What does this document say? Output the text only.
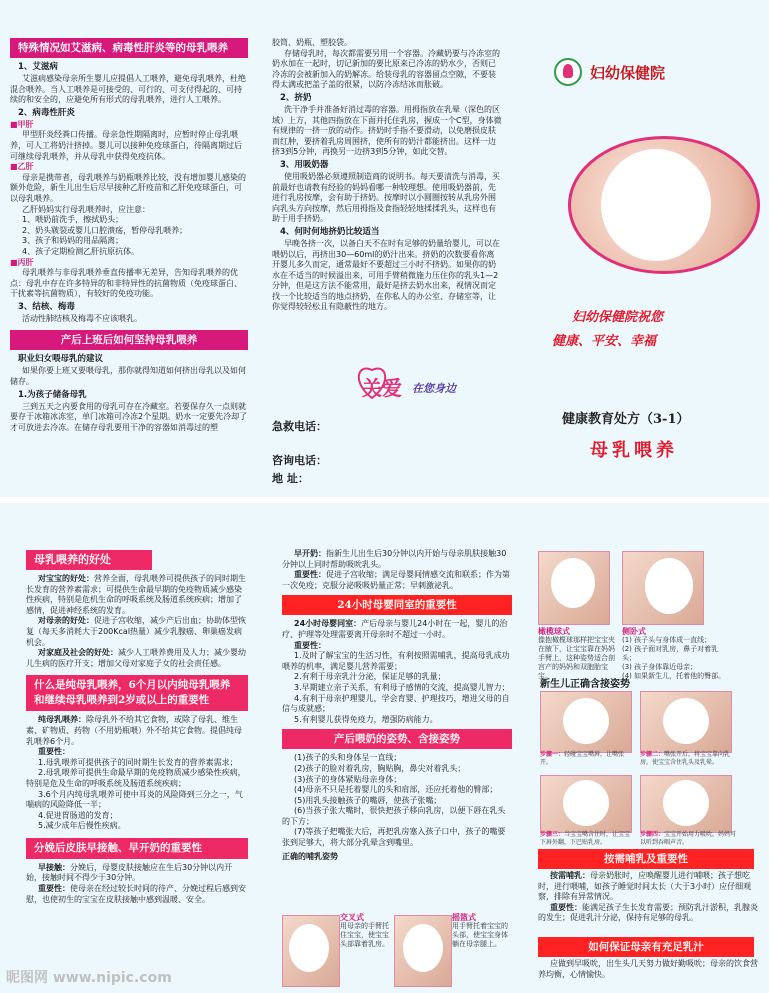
特殊情况如艾滋病、病毒性肝炎等的母乳喂养

1、艾滋病

艾滋病感染母亲所生婴儿应提倡人工喂养，避免母乳喂养，杜绝混合喂养。当人工喂养是可接受的、可行的、可支付得起的、可持续的和安全的，应避免所有形式的母乳喂养，进行人工喂养。

2、病毒性肝炎

■甲肝

甲型肝炎经粪口传播。母亲急性期隔离时，应暂时停止母乳喂养，可人工将奶汁挤掉。婴儿可以接种免疫球蛋白，待隔离期过后可继续母乳喂养，并从母乳中获得免疫抗体。

■乙肝

母亲是携带者，母乳喂养与奶瓶喂养比较，没有增加婴儿感染的额外危险，新生儿出生后尽早接种乙肝疫苗和乙肝免疫球蛋白，可以母乳喂养。

乙肝妈妈实行母乳喂养时，应注意：

1、喂奶前洗手，擦拭奶头；

2、奶头皲裂或婴儿口腔溃疡，暂停母乳喂养；

3、孩子和妈妈的用品隔离；

4、孩子定期检测乙肝抗原抗体。

■丙肝

母乳喂养与非母乳喂养垂直传播率无差异，告知母乳喂养的优点：母乳中存在许多特异的和非特异性的抗菌物质（免疫球蛋白、干扰素等抗菌物质），有较好的免疫功能。

3、结核、梅毒

活动性肺结核及梅毒不应该喂乳。

产后上班后如何坚持母乳喂养

职业妇女喂母乳的建议

如果你要上班又要喂母乳，那你就得知道如何挤出母乳以及如何储存。

1.为孩子储备母乳

三到五天之内要食用的母乳可存在冷藏室。若要保存久一点则就要存于冰箱冰冻室，单门冰箱可冷冻2个星期。奶水一定要先冷却了才可放进去冷冻。在储存母乳要用干净的容器如消毒过的塑

胶筒、奶瓶、塑胶袋。

存储母乳时，每次都需要另用一个容器。冷藏奶要与冷冻室的奶水加在一起时，切记新加的要比原来已冷冻的奶水少，否则已冷冻的会被新加入的奶解冻。给装母乳的容器留点空隙，不要装得太满或把盖子盖的很紧，以防冷冻结冰而胀破。

2、挤奶

洗干净手并准备好消过毒的容器。用拇指放在乳晕（深色的区域）上方，其他四指放在下面并托住乳房，握成一个C型，身体微有规律的一挤一放的动作。挤奶时手指不要滑动，以免磨损皮肤而红肿，要挤着乳房周围挤，使所有的奶汁都能挤出。这样一边挤3到5分钟，再换另一边挤3到5分钟，如此交替。

3、用吸奶器

使用吸奶器必须遵照制造商的说明书。每天要清洗与消毒，买前最好也请教有经验的妈妈看哪一种较理想。使用吸奶器前，先进行乳房按摩，会有助于挤奶。按摩时以小圆圈按转从乳房外围向乳头方向按摩，然后用拇指及食指轻轻地揉揉乳头，这样也有助于用手挤奶。

4、何时何地挤奶比较适当

早晚各挤一次，以备白天不在时有足够的奶量给婴儿，可以在喂奶以后，再挤出30—60ml的奶汁出来。挤奶的次数要看你离开婴儿多久而定，通常最好不要超过三小时不挤奶。如果你的奶水在不适当的时候溢出来，可用手臂稍微施力压住你的乳头1—2分钟，但是这方法不能常用，最好是挤去奶水出来，视情况而定找一个比较适当的地点挤奶，在你私人的办公室、存储室等，让你觉得较轻松且有隐蔽性的地方。

关爱 在您身边
急救电话：
咨询电话：
地 址：
妇幼保健院
妇幼保健院祝您
健康、平安、幸福
健康教育处方（3-1）
母乳喂养
母乳喂养的好处

对宝宝的好处：营养全面，母乳喂养可提供孩子的同时期生长发育的营养素需求；可提供生命最早期的免疫物质减少感染性疾病，特别是危机生命的呼吸系统及肠道系统疾病；增加了感情，促进神经系统的发育。

对母亲的好处：促进子宫收缩，减少产后出血；协助体型恢复（每天多消耗大于200Kcal热量）减少乳腺癌、卵巢癌发病机会。

对家庭及社会的好处：减少人工喂养费用及人力；减少婴幼儿生病的医疗开支；增加父母对家庭子女的社会责任感。

什么是纯母乳喂养，6个月以内纯母乳喂养和继续母乳喂养到2岁或以上的重要性

纯母乳喂养：除母乳外不给其它食物，或除了母乳、维生素、矿物质、药物（不用奶瓶喂）外不给其它食物。提倡纯母乳喂养6个月。

重要性：

1.母乳喂养可提供孩子的同时期生长发育的营养素需求；

2.母乳喂养可提供生命最早期的免疫物质减少感染性疾病，特别是危及生命的呼吸系统及肠道系统疾病；

3.6个月内纯母乳喂养可使中耳炎的风险降到三分之一，气喘病的风险降低一半；

4.促进胃肠道的发育；

5.减少成年后慢性疾病。

分娩后皮肤早接触、早开奶的重要性

早接触：分娩后，母婴皮肤接触应在生后30分钟以内开始，接触时间不得少于30分钟。

重要性：使母亲在经过较长时间的待产、分娩过程后感到安慰，也使初生的宝宝在皮肤接触中感到温暖、安全。

早开奶：指新生儿出生后30分钟以内开始与母亲肌肤接触30分钟以上同时帮助吸吮乳头。

重要性：促进子宫收缩；满足母婴间情感交流和联系；作为第一次免疫；克服分泌吸吸奶量正常；早刺激泌乳。

24小时母婴同室的重要性

24小时母婴同室：产后母亲与婴儿24小时在一起，婴儿的治疗、护理等处理需要离开母亲时不超过一小时。

重要性：

1.及时了解宝宝的生活习性，有利按照需哺乳，提高母乳成功喂养的机率，满足婴儿营养需要；

2.有利于母亲乳汁分泌，保证足够的乳量；

3.早期建立亲子关系，有利母子感情的交流，提高婴儿智力；

4.有利于母亲护理婴儿，学会育婴、护理技巧，增进父母的自信与成就感；

5.有利婴儿获得免疫力，增强防病能力。

产后喂奶的姿势、含接姿势

(1)孩子的头和身体呈一直线；

(2)孩子的脸对着乳房，胸贴胸，鼻尖对着乳头；

(3)孩子的身体紧贴母亲身体；

(4)母亲不只是托着婴儿的头和肩部，还应托着他的臀部；

(5)用乳头接触孩子的嘴唇，使孩子张嘴；

(6)当孩子张大嘴时，很快把孩子移向乳房，以便下唇在乳头的下方；

(7)等孩子把嘴张大后，再把乳房塞入孩子口中，孩子的嘴要张到足够大，将大部分乳晕含到嘴里。

正确的哺乳姿势

交叉式
用母亲的手臂托住宝宝，使宝宝头部靠着乳房。
摇篮式
用手臂托着宝宝的头部，使宝宝身体躺在母亲腿上。
橄榄球式
像抱橄榄球那样把宝宝夹在腋下，让宝宝靠在妈妈手臂上，这种姿势适合剖宫产的妈妈和双胞胎宝宝。
侧卧式
(1) 孩子头与身体成一直线；
(2) 孩子面对乳房，鼻子对着乳头；
(3) 孩子身体靠近母亲；
(4) 如果新生儿，托着他的臀部。
新生儿正确含接姿势
步骤一：轻碰宝宝嘴唇，让嘴张开。
步骤二：嘴张开后，将宝宝靠向乳房，使宝宝含住乳头及乳晕。
步骤三：当宝宝嘴含住时，让宝宝下唇外翻，下巴贴乳房。
步骤四：宝宝开始用力吸吮，妈妈可以听到吞咽声音。
按需哺乳及重要性

按需哺乳：母亲奶胀时，应唤醒婴儿进行哺喂；孩子想吃时，进行喂哺，如孩子睡觉时间太长（大于3小时）应仔细观察，排除有异常情况。

重要性：能满足孩子生长发育需要；预防乳汁淤积，乳腺炎的发生；促进乳汁分泌，保持有足够的母乳。

如何保证母亲有充足乳汁

应做到早吸吮，出生头几天努力做好勤吸吮；母亲的饮食营养均衡，心情愉快。

昵图网 www.nipic.com
